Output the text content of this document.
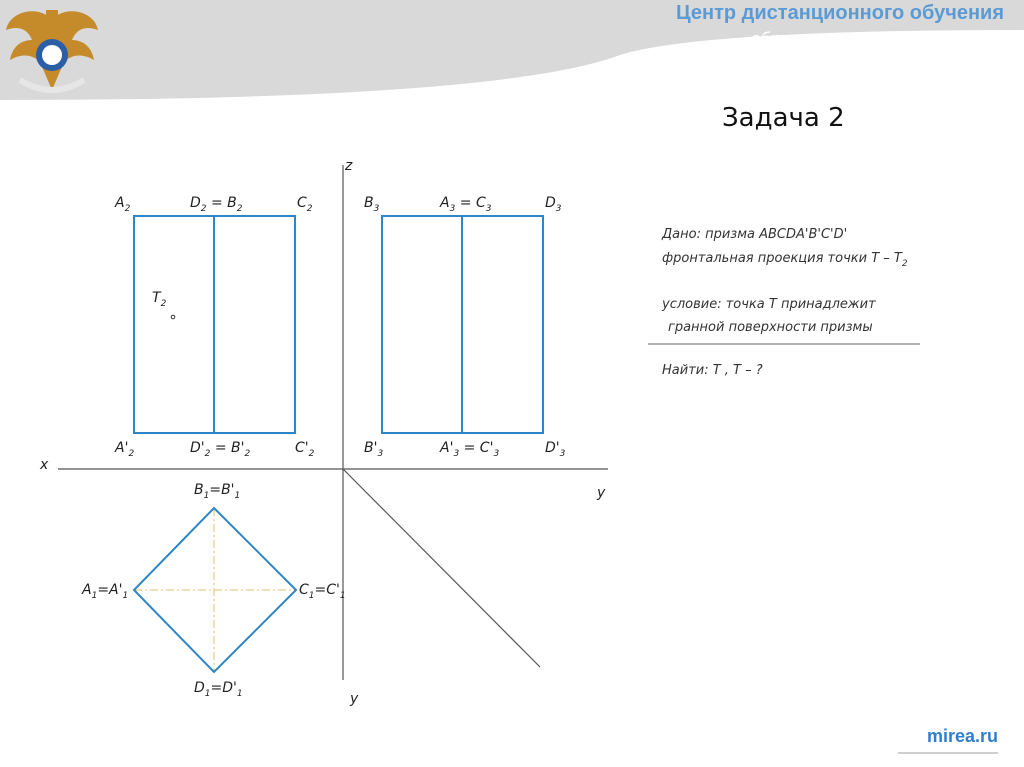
Центр дистанционного обучения
образование в стиле hi tech
Задача 2
z
x
y
y
$A_2$	$D_2 = B_2$	$C_2$
$A'_2$	$D'_2 = B'_2$	$C'_2$
$T_2$
$B_3$	$A_3 = C_3$	$D_3$
$B'_3$	$A'_3 = C'_3$	$D'_3$
$B_1=B'_1$
$A_1=A'_1$	$C_1=C'_1$
$D_1=D'_1$
Дано: призма ABCDA'B'C'D'
фронтальная проекция точки T – $T_2$
условие: точка T принадлежит
гранной поверхности призмы
Найти: T , T – ?
mirea.ru
